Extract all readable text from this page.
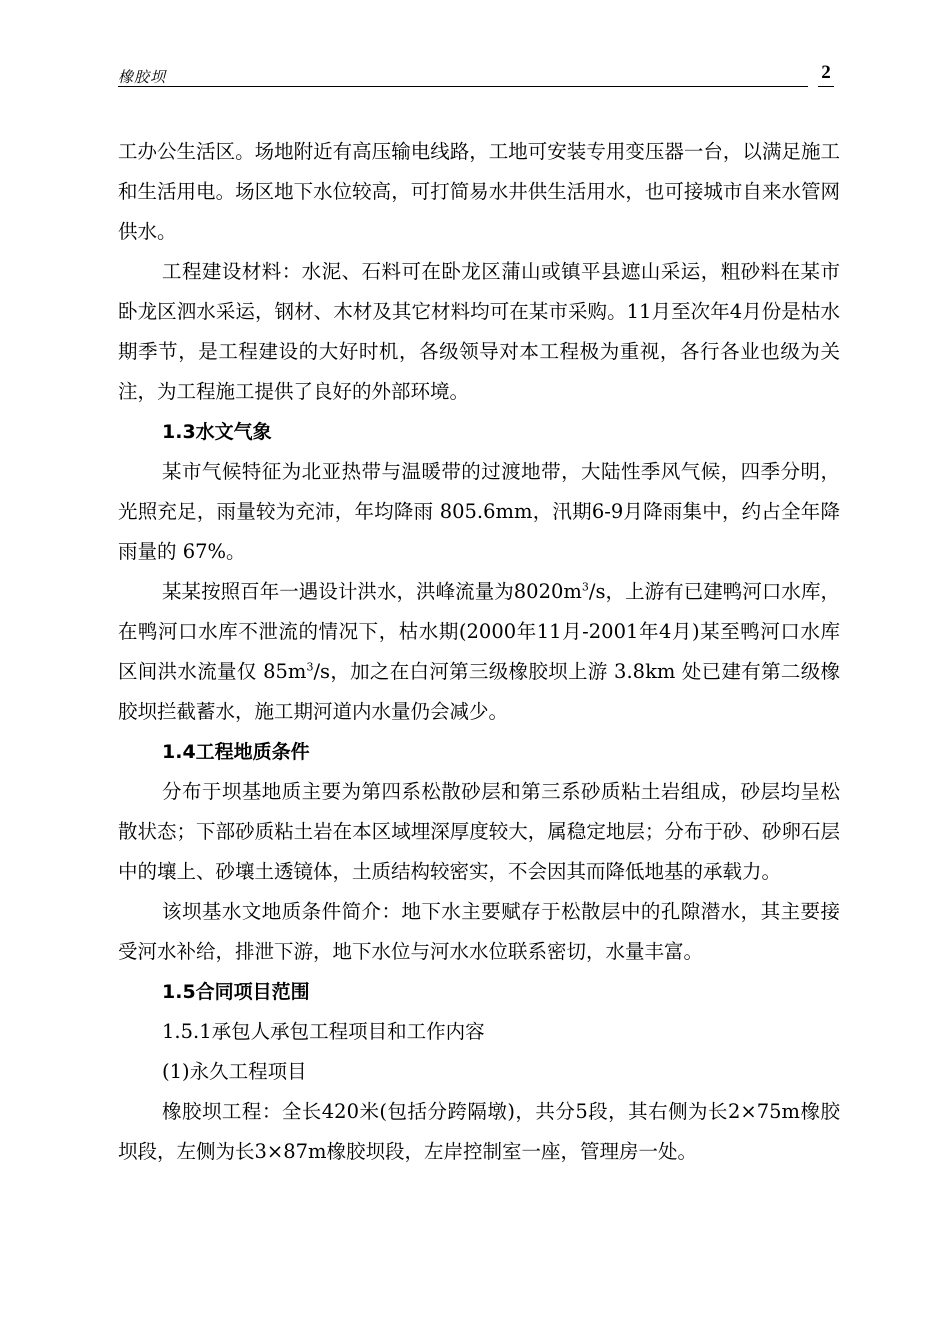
橡胶坝	2

工办公生活区。场地附近有高压输电线路，工地可安装专用变压器一台，以满足施工和生活用电。场区地下水位较高，可打简易水井供生活用水，也可接城市自来水管网供水。

工程建设材料：水泥、石料可在卧龙区蒲山或镇平县遮山采运，粗砂料在某市卧龙区泗水采运，钢材、木材及其它材料均可在某市采购。11月至次年4月份是枯水期季节，是工程建设的大好时机，各级领导对本工程极为重视，各行各业也级为关注，为工程施工提供了良好的外部环境。

1.3水文气象

某市气候特征为北亚热带与温暖带的过渡地带，大陆性季风气候，四季分明，光照充足，雨量较为充沛，年均降雨 805.6mm，汛期6-9月降雨集中，约占全年降雨量的 67%。

某某按照百年一遇设计洪水，洪峰流量为$8020m^3/s$，上游有已建鸭河口水库，在鸭河口水库不泄流的情况下，枯水期(2000年11月-2001年4月)某至鸭河口水库区间洪水流量仅 $85m^3/s$，加之在白河第三级橡胶坝上游 3.8km 处已建有第二级橡胶坝拦截蓄水，施工期河道内水量仍会减少。

1.4工程地质条件

分布于坝基地质主要为第四系松散砂层和第三系砂质粘土岩组成，砂层均呈松散状态；下部砂质粘土岩在本区域埋深厚度较大，属稳定地层；分布于砂、砂卵石层中的壤上、砂壤土透镜体，土质结构较密实，不会因其而降低地基的承载力。

该坝基水文地质条件简介：地下水主要赋存于松散层中的孔隙潜水，其主要接受河水补给，排泄下游，地下水位与河水水位联系密切，水量丰富。

1.5合同项目范围

1.5.1承包人承包工程项目和工作内容

(1)永久工程项目

橡胶坝工程：全长420米(包括分跨隔墩)，共分5段，其右侧为长2×75m橡胶坝段，左侧为长3×87m橡胶坝段，左岸控制室一座，管理房一处。
